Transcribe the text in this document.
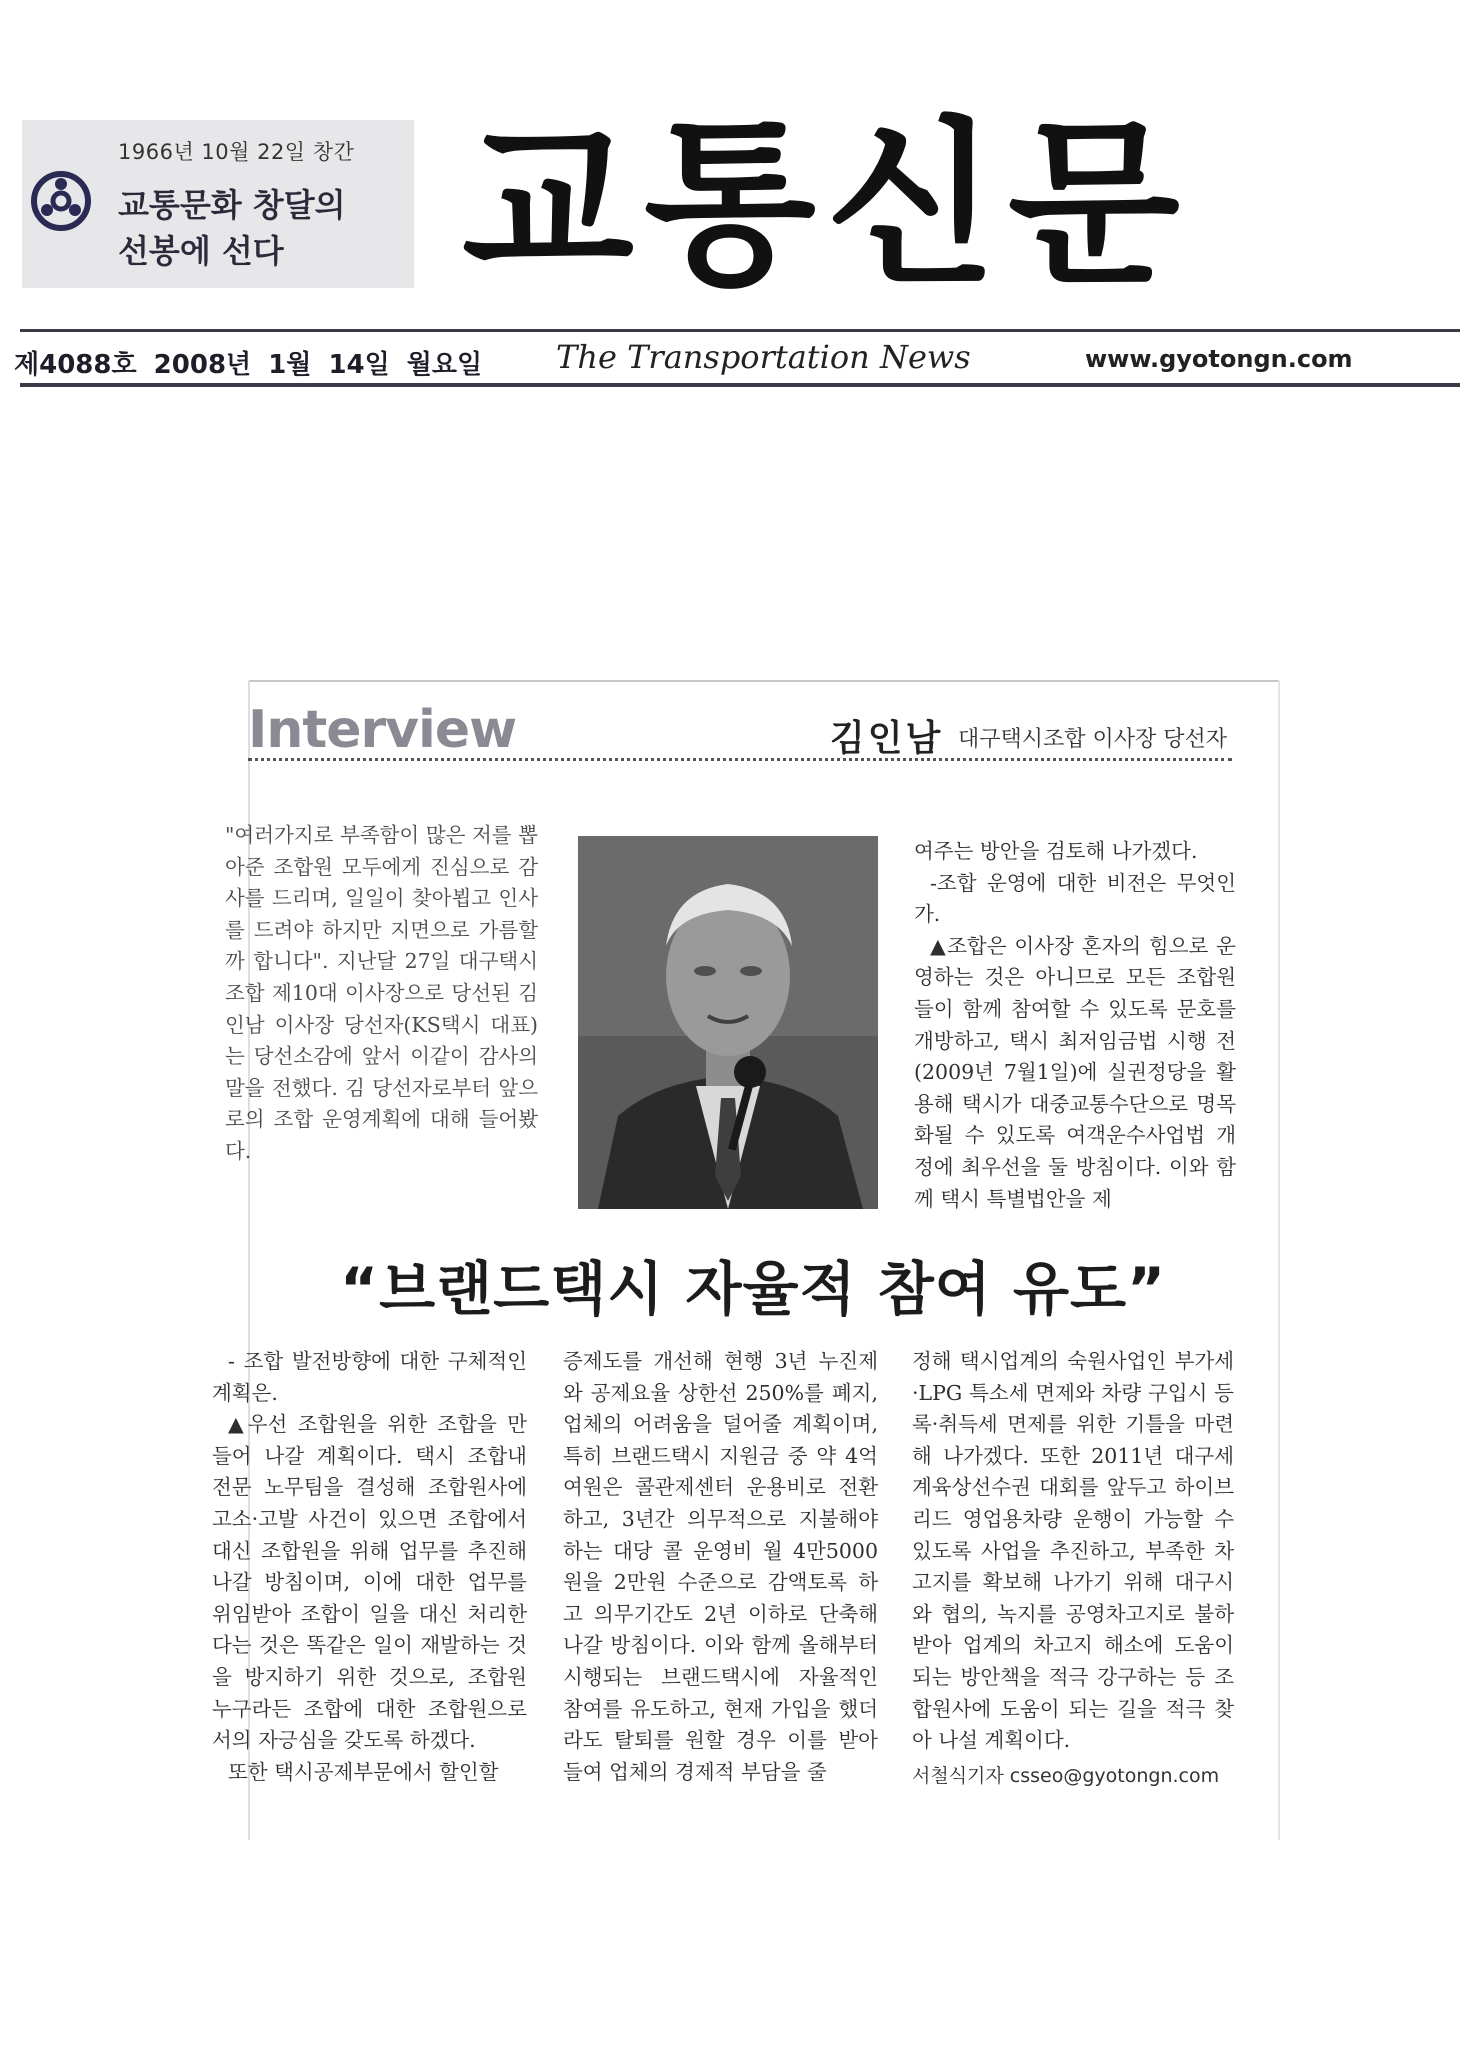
1966년 10월 22일 창간
교통문화 창달의
선봉에 선다	교통신문
제4088호 2008년 1월 14일 월요일 The Transportation News	www.gyotongn.com
Interview	김인남 대구택시조합 이사장 당선자

"여러가지로 부족함이 많은 저를 뽑아준 조합원 모두에게 진심으로 감사를 드리며, 일일이 찾아뵙고 인사를 드려야 하지만 지면으로 가름할까 합니다". 지난달 27일 대구택시조합 제10대 이사장으로 당선된 김인남 이사장 당선자(KS택시 대표)는 당선소감에 앞서 이같이 감사의 말을 전했다. 김 당선자로부터 앞으로의 조합 운영계획에 대해 들어봤다.

여주는 방안을 검토해 나가겠다.

-조합 운영에 대한 비전은 무엇인가.

▲조합은 이사장 혼자의 힘으로 운영하는 것은 아니므로 모든 조합원들이 함께 참여할 수 있도록 문호를 개방하고, 택시 최저임금법 시행 전(2009년 7월1일)에 실권정당을 활용해 택시가 대중교통수단으로 명목화될 수 있도록 여객운수사업법 개정에 최우선을 둘 방침이다. 이와 함께 택시 특별법안을 제

“브랜드택시 자율적 참여 유도”

- 조합 발전방향에 대한 구체적인 계획은.

▲우선 조합원을 위한 조합을 만들어 나갈 계획이다. 택시 조합내 전문 노무팀을 결성해 조합원사에 고소·고발 사건이 있으면 조합에서 대신 조합원을 위해 업무를 추진해 나갈 방침이며, 이에 대한 업무를 위임받아 조합이 일을 대신 처리한다는 것은 똑같은 일이 재발하는 것을 방지하기 위한 것으로, 조합원 누구라든 조합에 대한 조합원으로서의 자긍심을 갖도록 하겠다.

또한 택시공제부문에서 할인할

증제도를 개선해 현행 3년 누진제와 공제요율 상한선 250%를 폐지, 업체의 어려움을 덜어줄 계획이며, 특히 브랜드택시 지원금 중 약 4억여원은 콜관제센터 운용비로 전환하고, 3년간 의무적으로 지불해야 하는 대당 콜 운영비 월 4만5000원을 2만원 수준으로 감액토록 하고 의무기간도 2년 이하로 단축해 나갈 방침이다. 이와 함께 올해부터 시행되는 브랜드택시에 자율적인 참여를 유도하고, 현재 가입을 했더라도 탈퇴를 원할 경우 이를 받아 들여 업체의 경제적 부담을 줄

정해 택시업계의 숙원사업인 부가세·LPG 특소세 면제와 차량 구입시 등록·취득세 면제를 위한 기틀을 마련해 나가겠다. 또한 2011년 대구세계육상선수권 대회를 앞두고 하이브리드 영업용차량 운행이 가능할 수 있도록 사업을 추진하고, 부족한 차고지를 확보해 나가기 위해 대구시와 협의, 녹지를 공영차고지로 불하받아 업계의 차고지 해소에 도움이 되는 방안책을 적극 강구하는 등 조합원사에 도움이 되는 길을 적극 찾아 나설 계획이다.

서철식기자 csseo@gyotongn.com
